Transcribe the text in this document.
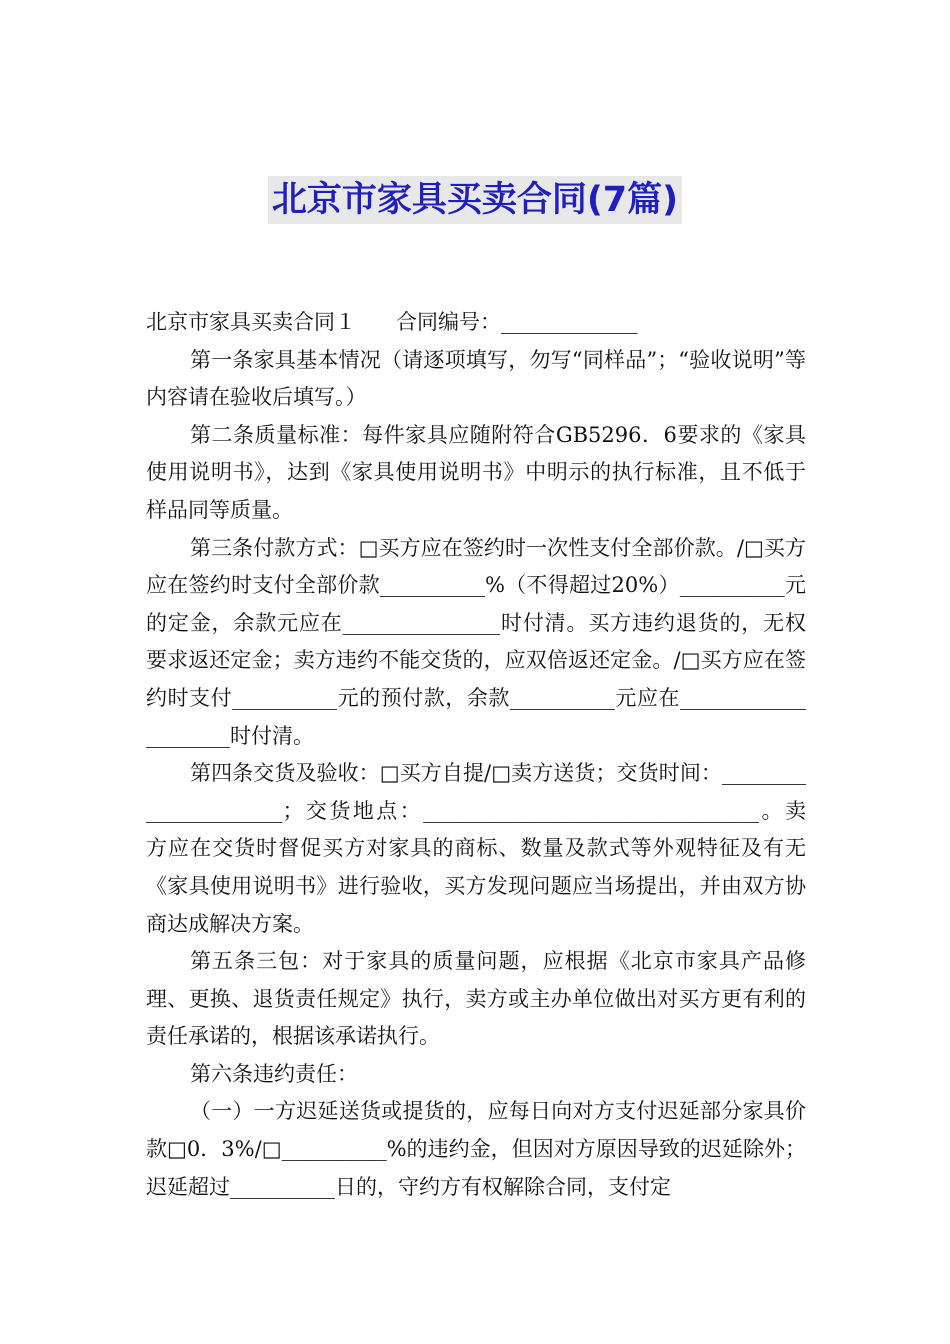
北京市家具买卖合同(7篇)

北京市家具买卖合同１ 合同编号：_____________

第一条家具基本情况（请逐项填写，勿写“同样品”；“验收说明”等内容请在验收后填写。）

第二条质量标准：每件家具应随附符合GB5296．6要求的《家具使用说明书》，达到《家具使用说明书》中明示的执行标准，且不低于样品同等质量。

第三条付款方式：□买方应在签约时一次性支付全部价款。/□买方应在签约时支付全部价款__________%（不得超过20%）__________元的定金，余款元应在_______________时付清。买方违约退货的，无权要求返还定金；卖方违约不能交货的，应双倍返还定金。/□买方应在签约时支付__________元的预付款，余款__________元应在____________________时付清。

第四条交货及验收：□买方自提/□卖方送货；交货时间：_____________________；交货地点：________________________________。卖方应在交货时督促买方对家具的商标、数量及款式等外观特征及有无《家具使用说明书》进行验收，买方发现问题应当场提出，并由双方协商达成解决方案。

第五条三包：对于家具的质量问题，应根据《北京市家具产品修理、更换、退货责任规定》执行，卖方或主办单位做出对买方更有利的责任承诺的，根据该承诺执行。

第六条违约责任：

（一）一方迟延送货或提货的，应每日向对方支付迟延部分家具价款□0．3%/□__________%的违约金，但因对方原因导致的迟延除外；迟延超过__________日的，守约方有权解除合同，支付定
